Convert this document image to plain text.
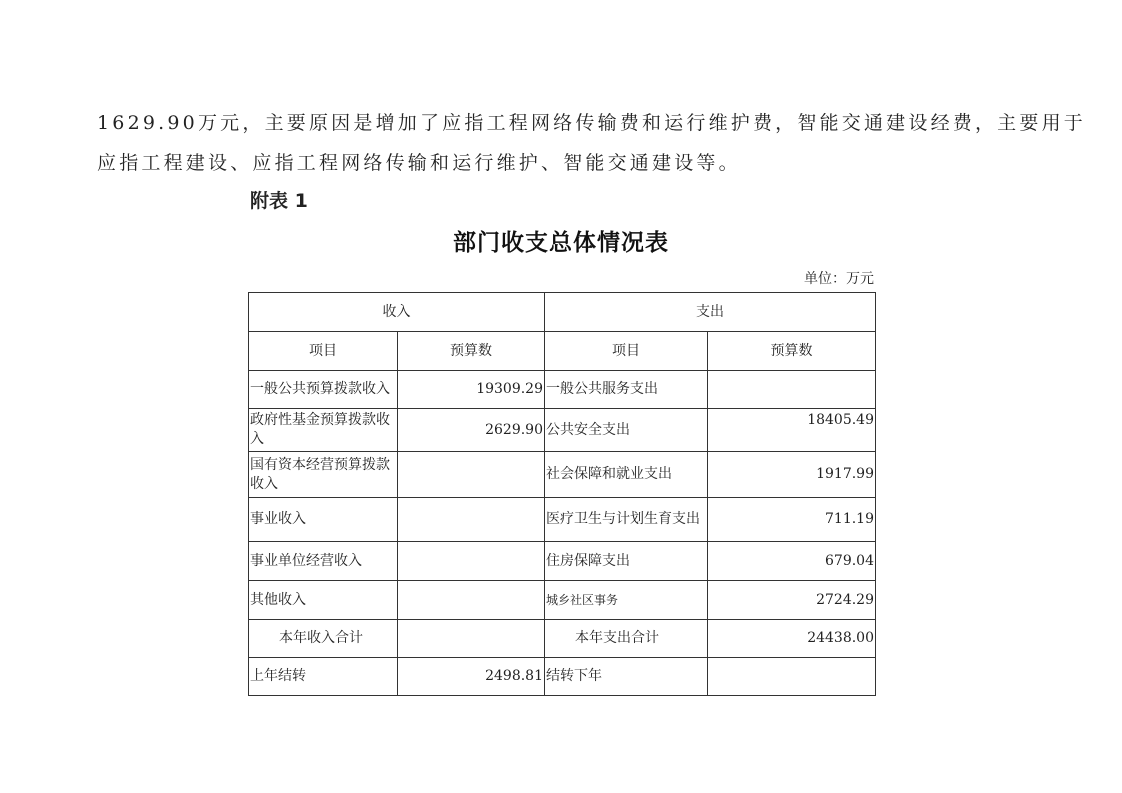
1629.90万元，主要原因是增加了应指工程网络传输费和运行维护费，智能交通建设经费，主要用于
应指工程建设、应指工程网络传输和运行维护、智能交通建设等。
附表 1
部门收支总体情况表
单位：万元
收入		支出	
项目	预算数	项目	预算数
一般公共预算拨款收入	19309.29	一般公共服务支出	
政府性基金预算拨款收入	2629.90	公共安全支出	18405.49
国有资本经营预算拨款收入		社会保障和就业支出	1917.99
事业收入		医疗卫生与计划生育支出	711.19
事业单位经营收入		住房保障支出	679.04
其他收入		城乡社区事务	2724.29
本年收入合计		本年支出合计	24438.00
上年结转	2498.81	结转下年	
